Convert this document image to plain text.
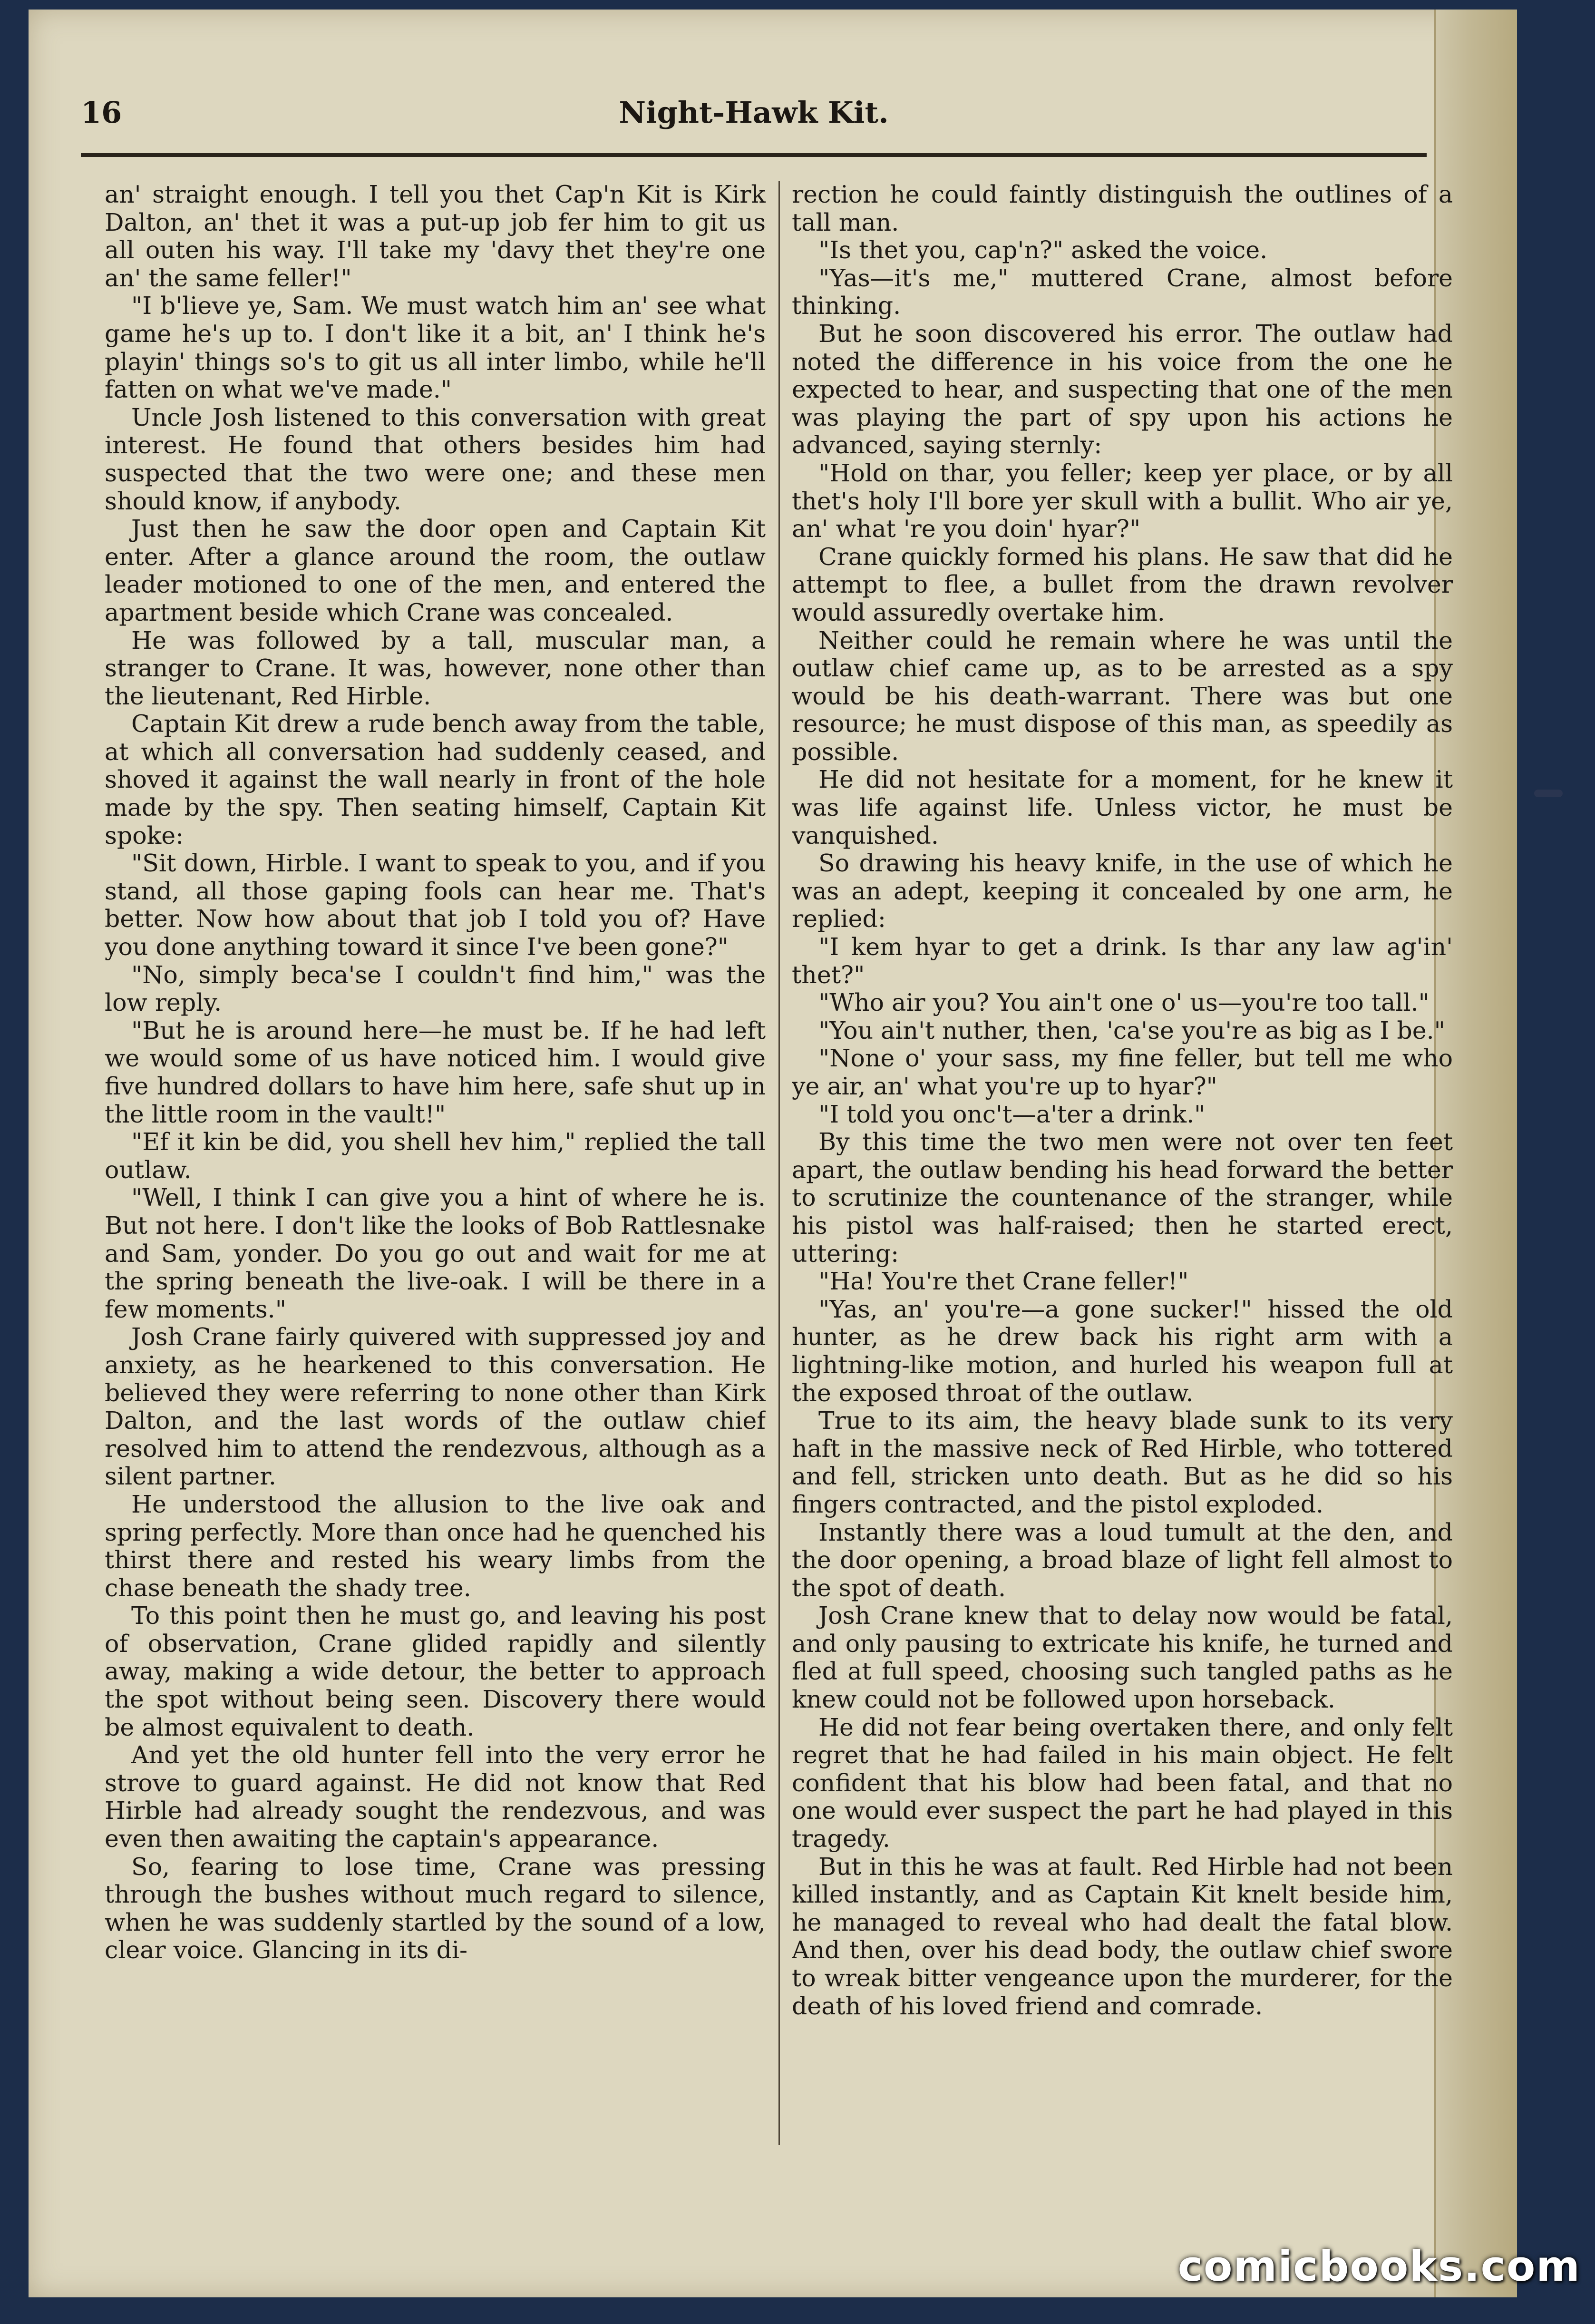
16	Night-Hawk Kit.

an' straight enough. I tell you thet Cap'n Kit is Kirk Dalton, an' thet it was a put-up job fer him to git us all outen his way. I'll take my 'davy thet they're one an' the same feller!"

"I b'lieve ye, Sam. We must watch him an' see what game he's up to. I don't like it a bit, an' I think he's playin' things so's to git us all inter limbo, while he'll fatten on what we've made."

Uncle Josh listened to this conversation with great interest. He found that others besides him had suspected that the two were one; and these men should know, if anybody.

Just then he saw the door open and Captain Kit enter. After a glance around the room, the outlaw leader motioned to one of the men, and entered the apartment beside which Crane was concealed.

He was followed by a tall, muscular man, a stranger to Crane. It was, however, none other than the lieutenant, Red Hirble.

Captain Kit drew a rude bench away from the table, at which all conversation had suddenly ceased, and shoved it against the wall nearly in front of the hole made by the spy. Then seating himself, Captain Kit spoke:

"Sit down, Hirble. I want to speak to you, and if you stand, all those gaping fools can hear me. That's better. Now how about that job I told you of? Have you done anything toward it since I've been gone?"

"No, simply beca'se I couldn't find him," was the low reply.

"But he is around here—he must be. If he had left we would some of us have noticed him. I would give five hundred dollars to have him here, safe shut up in the little room in the vault!"

"Ef it kin be did, you shell hev him," replied the tall outlaw.

"Well, I think I can give you a hint of where he is. But not here. I don't like the looks of Bob Rattlesnake and Sam, yonder. Do you go out and wait for me at the spring beneath the live-oak. I will be there in a few moments."

Josh Crane fairly quivered with suppressed joy and anxiety, as he hearkened to this conversation. He believed they were referring to none other than Kirk Dalton, and the last words of the outlaw chief resolved him to attend the rendezvous, although as a silent partner.

He understood the allusion to the live oak and spring perfectly. More than once had he quenched his thirst there and rested his weary limbs from the chase beneath the shady tree.

To this point then he must go, and leaving his post of observation, Crane glided rapidly and silently away, making a wide detour, the better to approach the spot without being seen. Discovery there would be almost equivalent to death.

And yet the old hunter fell into the very error he strove to guard against. He did not know that Red Hirble had already sought the rendezvous, and was even then awaiting the captain's appearance.

So, fearing to lose time, Crane was pressing through the bushes without much regard to silence, when he was suddenly startled by the sound of a low, clear voice. Glancing in its di-

rection he could faintly distinguish the outlines of a tall man.

"Is thet you, cap'n?" asked the voice.

"Yas—it's me," muttered Crane, almost before thinking.

But he soon discovered his error. The outlaw had noted the difference in his voice from the one he expected to hear, and suspecting that one of the men was playing the part of spy upon his actions he advanced, saying sternly:

"Hold on thar, you feller; keep yer place, or by all thet's holy I'll bore yer skull with a bullit. Who air ye, an' what 're you doin' hyar?"

Crane quickly formed his plans. He saw that did he attempt to flee, a bullet from the drawn revolver would assuredly overtake him.

Neither could he remain where he was until the outlaw chief came up, as to be arrested as a spy would be his death-warrant. There was but one resource; he must dispose of this man, as speedily as possible.

He did not hesitate for a moment, for he knew it was life against life. Unless victor, he must be vanquished.

So drawing his heavy knife, in the use of which he was an adept, keeping it concealed by one arm, he replied:

"I kem hyar to get a drink. Is thar any law ag'in' thet?"

"Who air you? You ain't one o' us—you're too tall."

"You ain't nuther, then, 'ca'se you're as big as I be."

"None o' your sass, my fine feller, but tell me who ye air, an' what you're up to hyar?"

"I told you onc't—a'ter a drink."

By this time the two men were not over ten feet apart, the outlaw bending his head forward the better to scrutinize the countenance of the stranger, while his pistol was half-raised; then he started erect, uttering:

"Ha! You're thet Crane feller!"

"Yas, an' you're—a gone sucker!" hissed the old hunter, as he drew back his right arm with a lightning-like motion, and hurled his weapon full at the exposed throat of the outlaw.

True to its aim, the heavy blade sunk to its very haft in the massive neck of Red Hirble, who tottered and fell, stricken unto death. But as he did so his fingers contracted, and the pistol exploded.

Instantly there was a loud tumult at the den, and the door opening, a broad blaze of light fell almost to the spot of death.

Josh Crane knew that to delay now would be fatal, and only pausing to extricate his knife, he turned and fled at full speed, choosing such tangled paths as he knew could not be followed upon horseback.

He did not fear being overtaken there, and only felt regret that he had failed in his main object. He felt confident that his blow had been fatal, and that no one would ever suspect the part he had played in this tragedy.

But in this he was at fault. Red Hirble had not been killed instantly, and as Captain Kit knelt beside him, he managed to reveal who had dealt the fatal blow. And then, over his dead body, the outlaw chief swore to wreak bitter vengeance upon the murderer, for the death of his loved friend and comrade.

comicbooks.com
